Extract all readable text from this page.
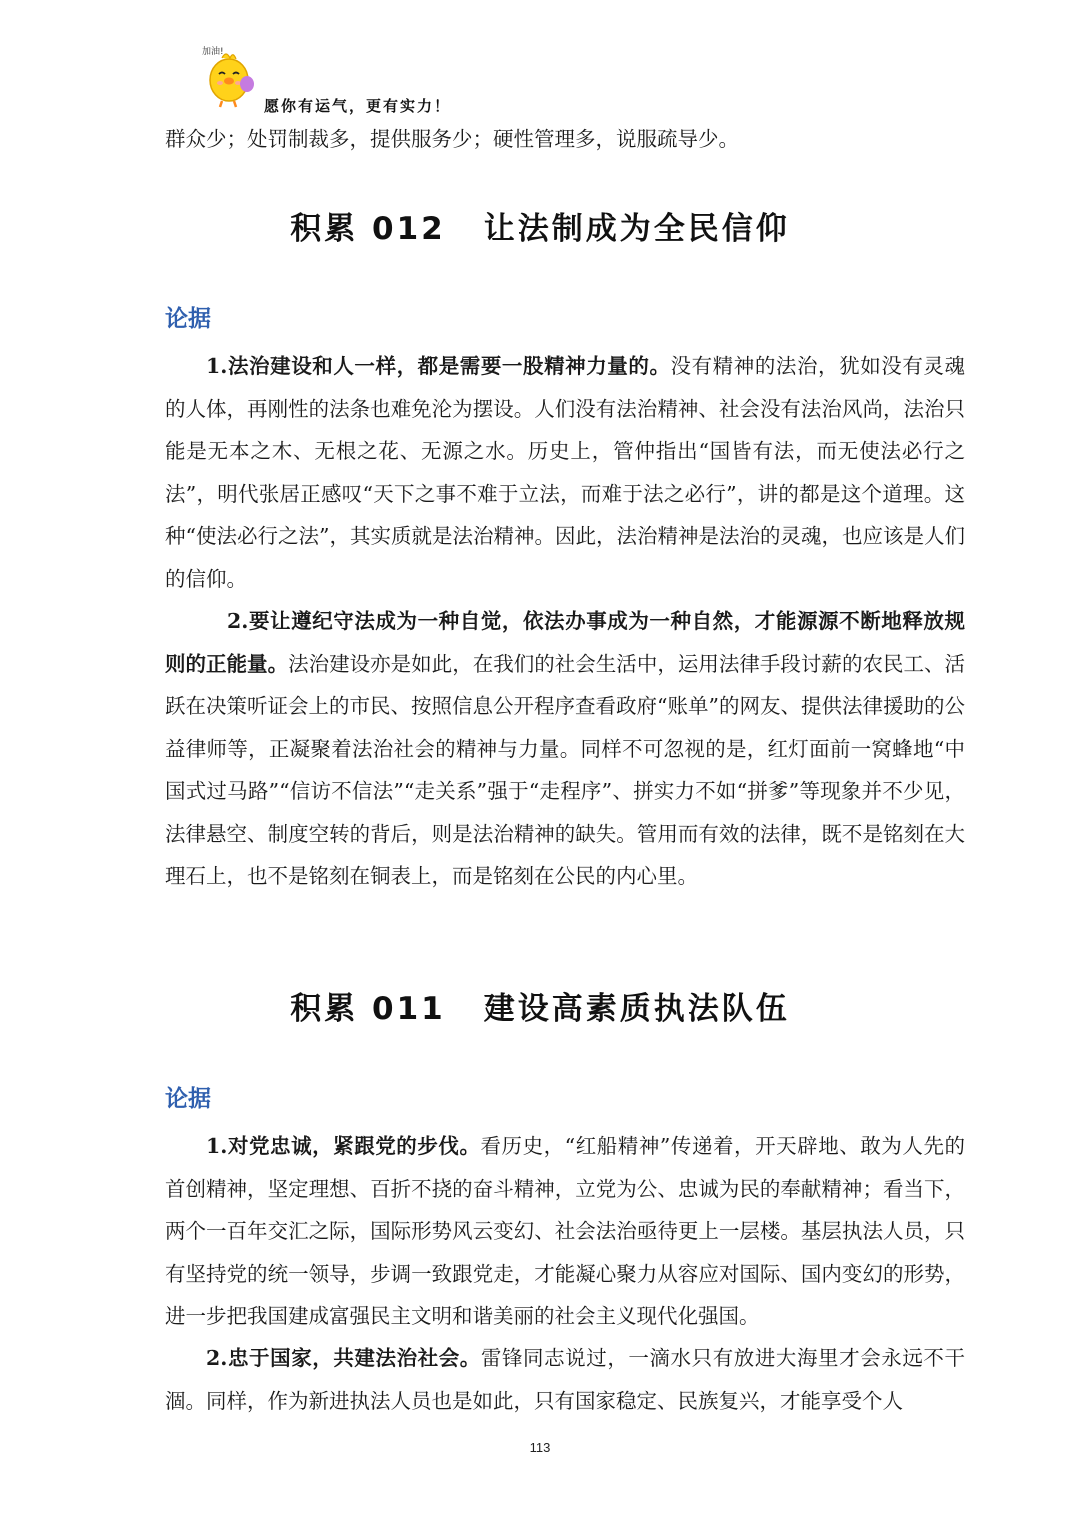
加油!
愿你有运气，更有实力！

群众少；处罚制裁多，提供服务少；硬性管理多，说服疏导少。

积累 012 让法制成为全民信仰
论据

1.法治建设和人一样，都是需要一股精神力量的。没有精神的法治，犹如没有灵魂的人体，再刚性的法条也难免沦为摆设。人们没有法治精神、社会没有法治风尚，法治只能是无本之木、无根之花、无源之水。历史上，管仲指出“国皆有法，而无使法必行之法”，明代张居正感叹“天下之事不难于立法，而难于法之必行”，讲的都是这个道理。这种“使法必行之法”，其实质就是法治精神。因此，法治精神是法治的灵魂，也应该是人们的信仰。

2.要让遵纪守法成为一种自觉，依法办事成为一种自然，才能源源不断地释放规则的正能量。法治建设亦是如此，在我们的社会生活中，运用法律手段讨薪的农民工、活跃在决策听证会上的市民、按照信息公开程序查看政府“账单”的网友、提供法律援助的公益律师等，正凝聚着法治社会的精神与力量。同样不可忽视的是，红灯面前一窝蜂地“中国式过马路”“信访不信法”“走关系”强于“走程序”、拼实力不如“拼爹”等现象并不少见，法律悬空、制度空转的背后，则是法治精神的缺失。管用而有效的法律，既不是铭刻在大理石上，也不是铭刻在铜表上，而是铭刻在公民的内心里。

积累 011 建设高素质执法队伍
论据

1.对党忠诚，紧跟党的步伐。看历史，“红船精神”传递着，开天辟地、敢为人先的首创精神，坚定理想、百折不挠的奋斗精神，立党为公、忠诚为民的奉献精神；看当下，两个一百年交汇之际，国际形势风云变幻、社会法治亟待更上一层楼。基层执法人员，只有坚持党的统一领导，步调一致跟党走，才能凝心聚力从容应对国际、国内变幻的形势，进一步把我国建成富强民主文明和谐美丽的社会主义现代化强国。

2.忠于国家，共建法治社会。雷锋同志说过，一滴水只有放进大海里才会永远不干涸。同样，作为新进执法人员也是如此，只有国家稳定、民族复兴，才能享受个人

113
